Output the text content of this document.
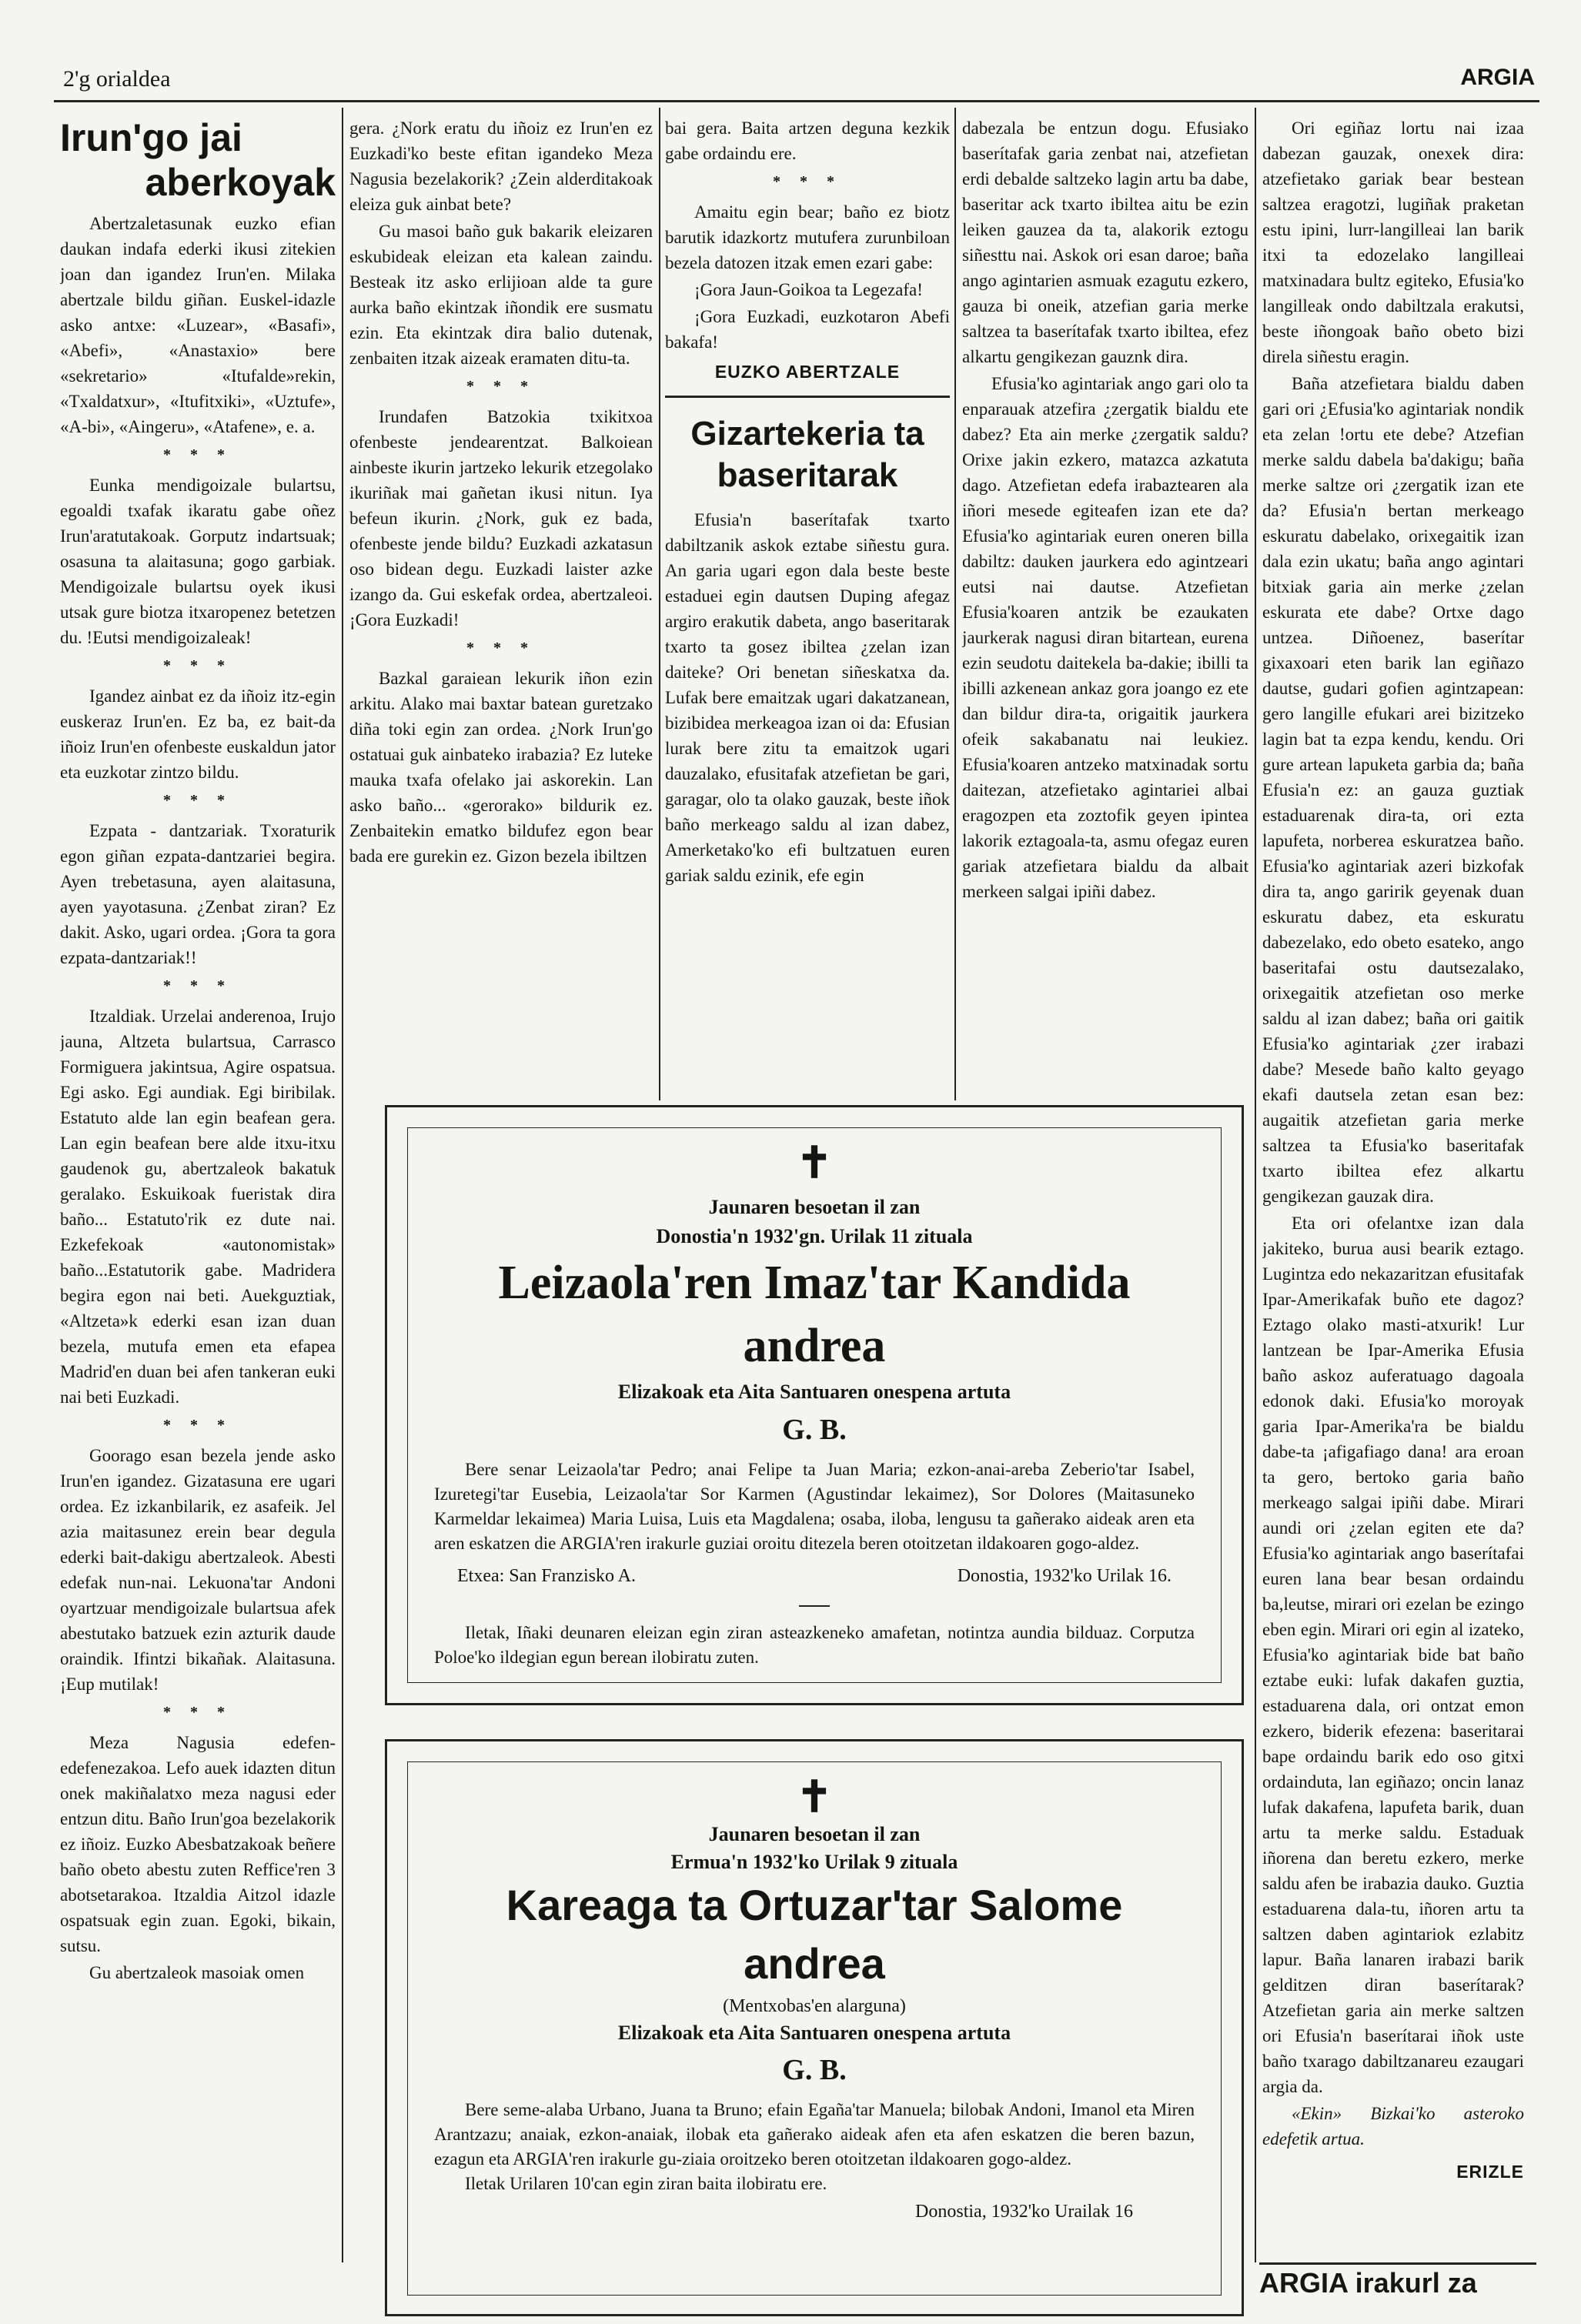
2'g orialdea	ARGIA
Irun'go jai
aberkoyak

Abertzaletasunak euzko efian daukan indafa ederki ikusi zitekien joan dan igandez Irun'en. Milaka abertzale bildu giñan. Euskel-idazle asko antxe: «Luzear», «Basafi», «Abefi», «Anastaxio» bere «sekretario» «Itufalde»rekin, «Txaldatxur», «Itufitxiki», «Uztufe», «A-bi», «Aingeru», «Atafene», e. a.

* * *

Eunka mendigoizale bulartsu, egoaldi txafak ikaratu gabe oñez Irun'aratutakoak. Gorputz indartsuak; osasuna ta alaitasuna; gogo garbiak. Mendigoizale bulartsu oyek ikusi utsak gure biotza itxaropenez betetzen du. !Eutsi mendigoizaleak!

* * *

Igandez ainbat ez da iñoiz itz-egin euskeraz Irun'en. Ez ba, ez bait-da iñoiz Irun'en ofenbeste euskaldun jator eta euzkotar zintzo bildu.

* * *

Ezpata - dantzariak. Txoraturik egon giñan ezpata-dantzariei begira. Ayen trebetasuna, ayen alaitasuna, ayen yayotasuna. ¿Zenbat ziran? Ez dakit. Asko, ugari ordea. ¡Gora ta gora ezpata-dantzariak!!

* * *

Itzaldiak. Urzelai anderenoa, Irujo jauna, Altzeta bulartsua, Carrasco Formiguera jakintsua, Agire ospatsua. Egi asko. Egi aundiak. Egi biribilak. Estatuto alde lan egin beafean gera. Lan egin beafean bere alde itxu-itxu gaudenok gu, abertzaleok bakatuk geralako. Eskuikoak fueristak dira baño... Estatuto'rik ez dute nai. Ezkefekoak «autonomistak» baño...Estatutorik gabe. Madridera begira egon nai beti. Auekguztiak, «Altzeta»k ederki esan izan duan bezela, mutufa emen eta efapea Madrid'en duan bei afen tankeran euki nai beti Euzkadi.

* * *

Goorago esan bezela jende asko Irun'en igandez. Gizatasuna ere ugari ordea. Ez izkanbilarik, ez asafeik. Jel azia maitasunez erein bear degula ederki bait-dakigu abertzaleok. Abesti edefak nun-nai. Lekuona'tar Andoni oyartzuar mendigoizale bulartsua afek abestutako batzuek ezin azturik daude oraindik. Ifintzi bikañak. Alaitasuna. ¡Eup mutilak!

* * *

Meza Nagusia edefen-edefenezakoa. Lefo auek idazten ditun onek makiñalatxo meza nagusi eder entzun ditu. Baño Irun'goa bezelakorik ez iñoiz. Euzko Abesbatzakoak beñere baño obeto abestu zuten Reffice'ren 3 abotsetarakoa. Itzaldia Aitzol idazle ospatsuak egin zuan. Egoki, bikain, sutsu.

Gu abertzaleok masoiak omen

gera. ¿Nork eratu du iñoiz ez Irun'en ez Euzkadi'ko beste efitan igandeko Meza Nagusia bezelakorik? ¿Zein alderditakoak eleiza guk ainbat bete?

Gu masoi baño guk bakarik eleizaren eskubideak eleizan eta kalean zaindu. Besteak itz asko erlijioan alde ta gure aurka baño ekintzak iñondik ere susmatu ezin. Eta ekintzak dira balio dutenak, zenbaiten itzak aizeak eramaten ditu-ta.

* * *

Irundafen Batzokia txikitxoa ofenbeste jendearentzat. Balkoiean ainbeste ikurin jartzeko lekurik etzegolako ikuriñak mai gañetan ikusi nitun. Iya befeun ikurin. ¿Nork, guk ez bada, ofenbeste jende bildu? Euzkadi azkatasun oso bidean degu. Euzkadi laister azke izango da. Gui eskefak ordea, abertzaleoi. ¡Gora Euzkadi!

* * *

Bazkal garaiean lekurik iñon ezin arkitu. Alako mai baxtar batean guretzako diña toki egin zan ordea. ¿Nork Irun'go ostatuai guk ainbateko irabazia? Ez luteke mauka txafa ofelako jai askorekin. Lan asko baño... «gerorako» bildurik ez. Zenbaitekin ematko bildufez egon bear bada ere gurekin ez. Gizon bezela ibiltzen

bai gera. Baita artzen deguna kezkik gabe ordaindu ere.

* * *

Amaitu egin bear; baño ez biotz barutik idazkortz mutufera zurunbiloan bezela datozen itzak emen ezari gabe:

¡Gora Jaun-Goikoa ta Legezafa!

¡Gora Euzkadi, euzkotaron Abefi bakafa!

EUZKO ABERTZALE
Gizartekeria ta
baseritarak

Efusia'n baserítafak txarto dabiltzanik askok eztabe siñestu gura. An garia ugari egon dala beste beste estaduei egin dautsen Duping afegaz argiro erakutik dabeta, ango baseritarak txarto ta gosez ibiltea ¿zelan izan daiteke? Ori benetan siñeskatxa da. Lufak bere emaitzak ugari dakatzanean, bizibidea merkeagoa izan oi da: Efusian lurak bere zitu ta emaitzok ugari dauzalako, efusitafak atzefietan be gari, garagar, olo ta olako gauzak, beste iñok baño merkeago saldu al izan dabez, Amerketako'ko efi bultzatuen euren gariak saldu ezinik, efe egin

dabezala be entzun dogu. Efusiako baserítafak garia zenbat nai, atzefietan erdi debalde saltzeko lagin artu ba dabe, baseritar ack txarto ibiltea aitu be ezin leiken gauzea da ta, alakorik eztogu siñesttu nai. Askok ori esan daroe; baña ango agintarien asmuak ezagutu ezkero, gauza bi oneik, atzefian garia merke saltzea ta baserítafak txarto ibiltea, efez alkartu gengikezan gauznk dira.

Efusia'ko agintariak ango gari olo ta enparauak atzefira ¿zergatik bialdu ete dabez? Eta ain merke ¿zergatik saldu? Orixe jakin ezkero, matazca azkatuta dago. Atzefietan edefa irabaztearen ala iñori mesede egiteafen izan ete da? Efusia'ko agintariak euren oneren billa dabiltz: dauken jaurkera edo agintzeari eutsi nai dautse. Atzefietan Efusia'koaren antzik be ezaukaten jaurkerak nagusi diran bitartean, eurena ezin seudotu daitekela ba-dakie; ibilli ta ibilli azkenean ankaz gora joango ez ete dan bildur dira-ta, origaitik jaurkera ofeik sakabanatu nai leukiez. Efusia'koaren antzeko matxinadak sortu daitezan, atzefietako agintariei albai eragozpen eta zoztofik geyen ipintea lakorik eztagoala-ta, asmu ofegaz euren gariak atzefietara bialdu da albait merkeen salgai ipiñi dabez.

Ori egiñaz lortu nai izaa dabezan gauzak, onexek dira: atzefietako gariak bear bestean saltzea eragotzi, lugiñak praketan estu ipini, lurr-langilleai lan barik itxi ta edozelako langilleai matxinadara bultz egiteko, Efusia'ko langilleak ondo dabiltzala erakutsi, beste iñongoak baño obeto bizi direla siñestu eragin.

Baña atzefietara bialdu daben gari ori ¿Efusia'ko agintariak nondik eta zelan !ortu ete debe? Atzefian merke saldu dabela ba'dakigu; baña merke saltze ori ¿zergatik izan ete da? Efusia'n bertan merkeago eskuratu dabelako, orixegaitik izan dala ezin ukatu; baña ango agintari bitxiak garia ain merke ¿zelan eskurata ete dabe? Ortxe dago untzea. Diñoenez, baserítar gixaxoari eten barik lan egiñazo dautse, gudari gofien agintzapean: gero langille efukari arei bizitzeko lagin bat ta ezpa kendu, kendu. Ori gure artean lapuketa garbia da; baña Efusia'n ez: an gauza guztiak estaduarenak dira-ta, ori ezta lapufeta, norberea eskuratzea baño. Efusia'ko agintariak azeri bizkofak dira ta, ango garirik geyenak duan eskuratu dabez, eta eskuratu dabezelako, edo obeto esateko, ango baseritafai ostu dautsezalako, orixegaitik atzefietan oso merke saldu al izan dabez; baña ori gaitik Efusia'ko agintariak ¿zer irabazi dabe? Mesede baño kalto geyago ekafi dautsela zetan esan bez: augaitik atzefietan garia merke saltzea ta Efusia'ko baseritafak txarto ibiltea efez alkartu gengikezan gauzak dira.

Eta ori ofelantxe izan dala jakiteko, burua ausi bearik eztago. Lugintza edo nekazaritzan efusitafak Ipar-Amerikafak buño ete dagoz? Eztago olako masti-atxurik! Lur lantzean be Ipar-Amerika Efusia baño askoz auferatuago dagoala edonok daki. Efusia'ko moroyak garia Ipar-Amerika'ra be bialdu dabe-ta ¡afigafiago dana! ara eroan ta gero, bertoko garia baño merkeago salgai ipiñi dabe. Mirari aundi ori ¿zelan egiten ete da? Efusia'ko agintariak ango baserítafai euren lana bear besan ordaindu ba,leutse, mirari ori ezelan be ezingo eben egin. Mirari ori egin al izateko, Efusia'ko agintariak bide bat baño eztabe euki: lufak dakafen guztia, estaduarena dala, ori ontzat emon ezkero, biderik efezena: baseritarai bape ordaindu barik edo oso gitxi ordainduta, lan egiñazo; oncin lanaz lufak dakafena, lapufeta barik, duan artu ta merke saldu. Estaduak iñorena dan beretu ezkero, merke saldu afen be irabazia dauko. Guztia estaduarena dala-tu, iñoren artu ta saltzen daben agintariok ezlabitz lapur. Baña lanaren irabazi barik gelditzen diran baserítarak? Atzefietan garia ain merke saltzen ori Efusia'n baserítarai iñok uste baño txarago dabiltzanareu ezaugari argia da.

«Ekin» Bizkai'ko asteroko edefetik artua.

ERIZLE
ARGIA irakurl za
✝
Jaunaren besoetan il zan
Donostia'n 1932'gn. Urilak 11 zituala
Leizaola'ren Imaz'tar Kandida andrea
Elizakoak eta Aita Santuaren onespena artuta
G. B.
Bere senar Leizaola'tar Pedro; anai Felipe ta Juan Maria; ezkon-anai-areba Zeberio'tar Isabel, Izuretegi'tar Eusebia, Leizaola'tar Sor Karmen (Agustindar lekaimez), Sor Dolores (Maitasuneko Karmeldar lekaimea) Maria Luisa, Luis eta Magdalena; osaba, iloba, lengusu ta gañerako aideak aren eta aren eskatzen die ARGIA'ren irakurle guziai oroitu ditezela beren otoitzetan ildakoaren gogo-aldez.
Etxea: San Franzisko A.	Donostia, 1932'ko Urilak 16.
Iletak, Iñaki deunaren eleizan egin ziran asteazkeneko amafetan, notintza aundia bilduaz. Corputza Poloe'ko ildegian egun berean ilobiratu zuten.
✝
Jaunaren besoetan il zan
Ermua'n 1932'ko Urilak 9 zituala
Kareaga ta Ortuzar'tar Salome andrea
(Mentxobas'en alarguna)
Elizakoak eta Aita Santuaren onespena artuta
G. B.
Bere seme-alaba Urbano, Juana ta Bruno; efain Egaña'tar Manuela; bilobak Andoni, Imanol eta Miren Arantzazu; anaiak, ezkon-anaiak, ilobak eta gañerako aideak afen eta afen eskatzen die beren bazun, ezagun eta ARGIA'ren irakurle gu-ziaia oroitzeko beren otoitzetan ildakoaren gogo-aldez.
Iletak Urilaren 10'can egin ziran baita ilobiratu ere.
Donostia, 1932'ko Urailak 16
